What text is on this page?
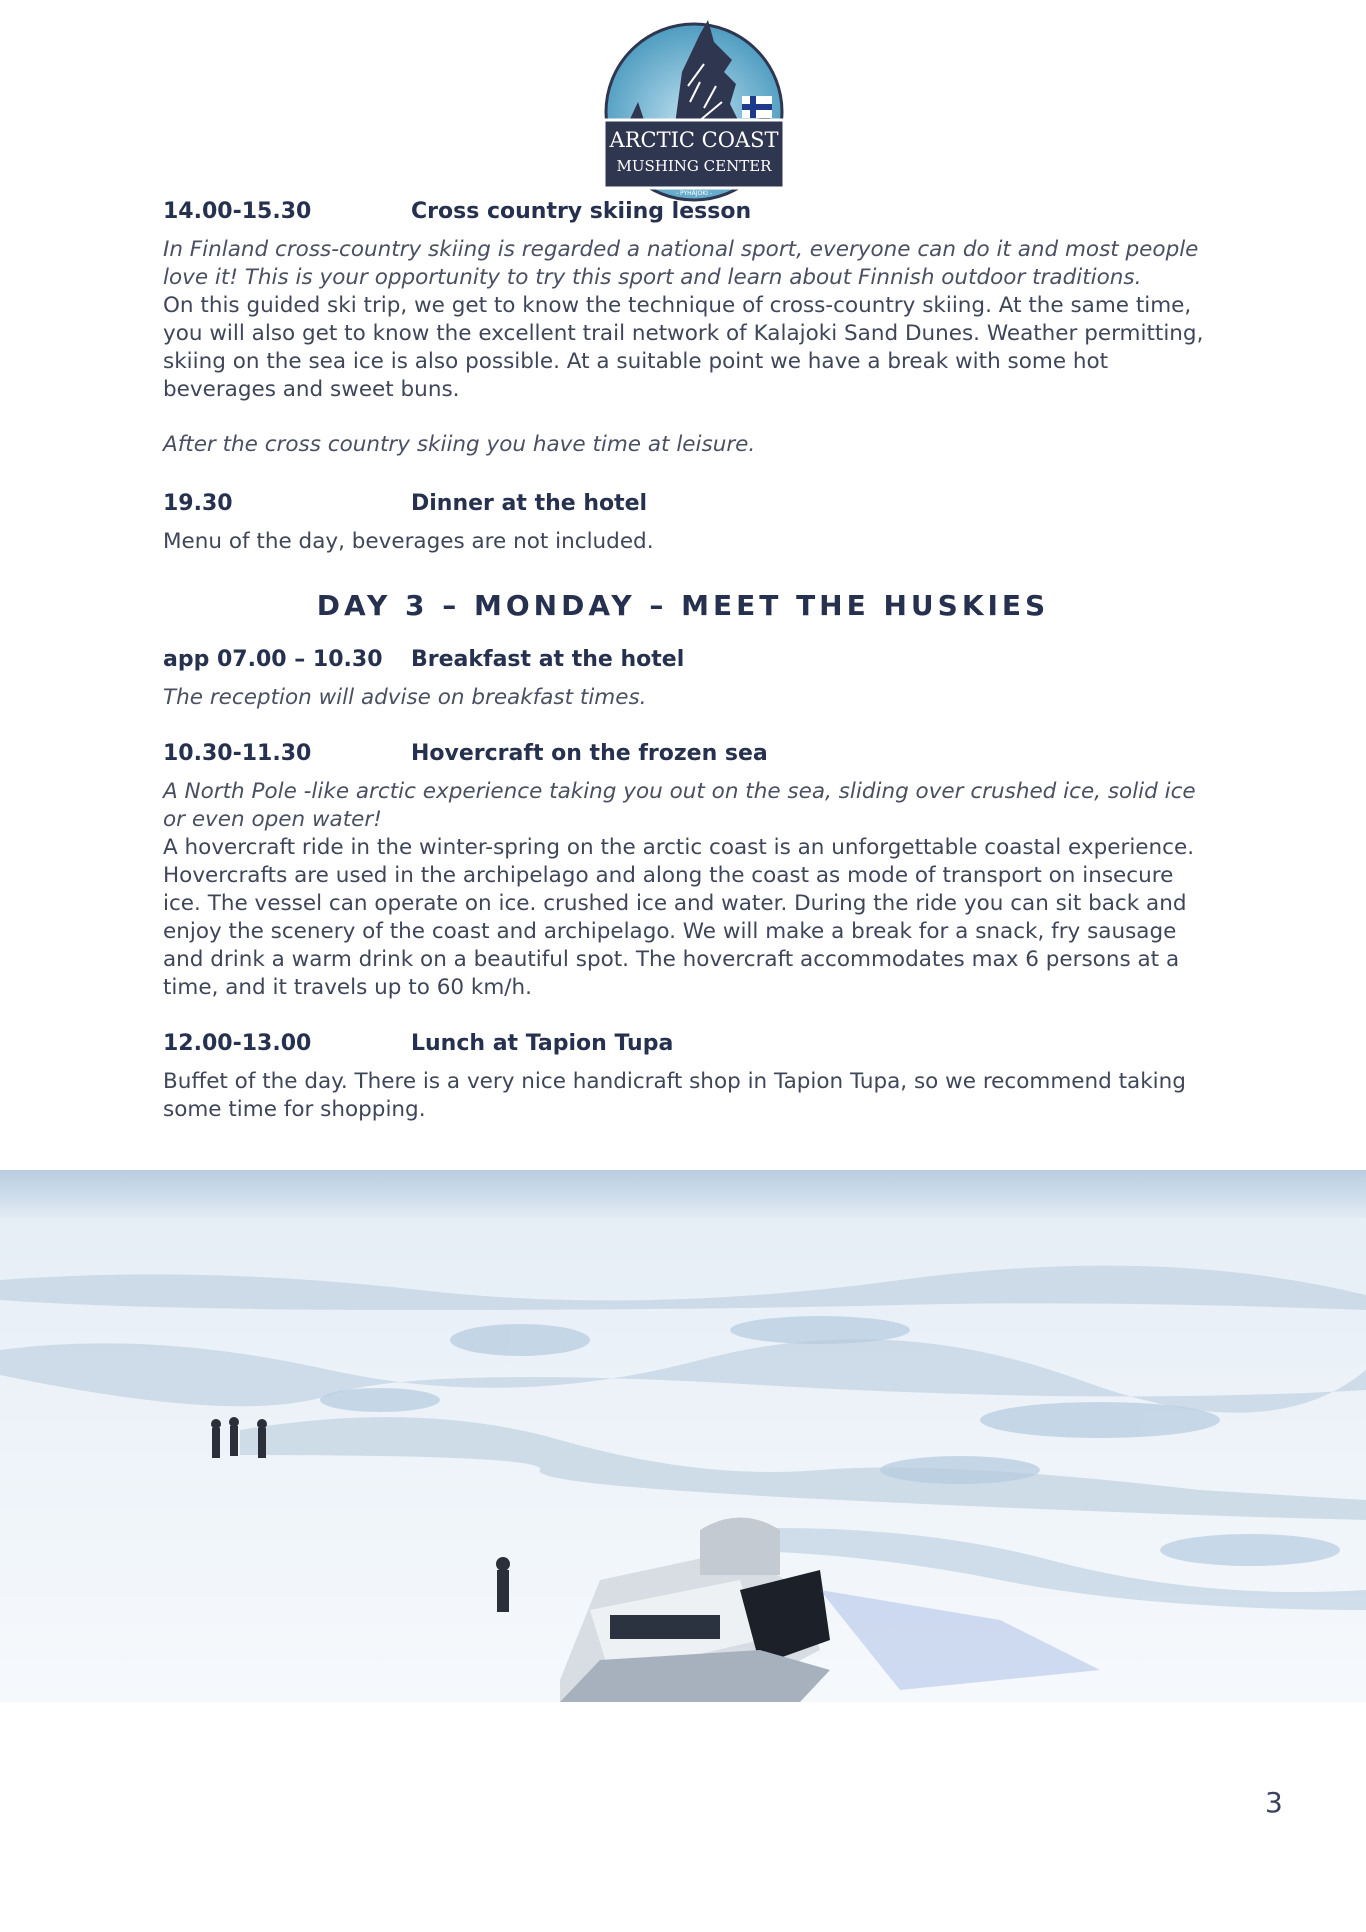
ARCTIC COAST
MUSHING CENTER
- PYHÄJOKI -
14.00-15.30	Cross country skiing lesson

In Finland cross-country skiing is regarded a national sport, everyone can do it and most people love it! This is your opportunity to try this sport and learn about Finnish outdoor traditions.

On this guided ski trip, we get to know the technique of cross-country skiing. At the same time, you will also get to know the excellent trail network of Kalajoki Sand Dunes. Weather permitting, skiing on the sea ice is also possible. At a suitable point we have a break with some hot beverages and sweet buns.

After the cross country skiing you have time at leisure.

19.30	Dinner at the hotel

Menu of the day, beverages are not included.

DAY 3 – MONDAY – MEET THE HUSKIES

app 07.00 – 10.30	Breakfast at the hotel

The reception will advise on breakfast times.

10.30-11.30	Hovercraft on the frozen sea

A North Pole -like arctic experience taking you out on the sea, sliding over crushed ice, solid ice or even open water!

A hovercraft ride in the winter-spring on the arctic coast is an unforgettable coastal experience. Hovercrafts are used in the archipelago and along the coast as mode of transport on insecure ice. The vessel can operate on ice. crushed ice and water. During the ride you can sit back and enjoy the scenery of the coast and archipelago. We will make a break for a snack, fry sausage and drink a warm drink on a beautiful spot. The hovercraft accommodates max 6 persons at a time, and it travels up to 60 km/h.

12.00-13.00	Lunch at Tapion Tupa

Buffet of the day. There is a very nice handicraft shop in Tapion Tupa, so we recommend taking some time for shopping.

3
